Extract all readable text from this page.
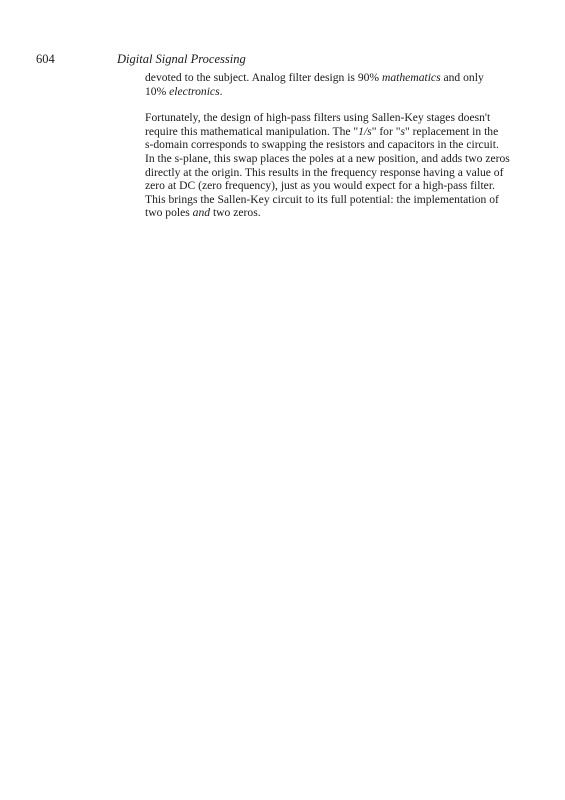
604	Digital Signal Processing

devoted to the subject. Analog filter design is 90% mathematics and only
10% electronics.

Fortunately, the design of high-pass filters using Sallen-Key stages doesn't
require this mathematical manipulation. The "1/s" for "s" replacement in the
s-domain corresponds to swapping the resistors and capacitors in the circuit.
In the s-plane, this swap places the poles at a new position, and adds two zeros
directly at the origin. This results in the frequency response having a value of
zero at DC (zero frequency), just as you would expect for a high-pass filter.
This brings the Sallen-Key circuit to its full potential: the implementation of
two poles and two zeros.
